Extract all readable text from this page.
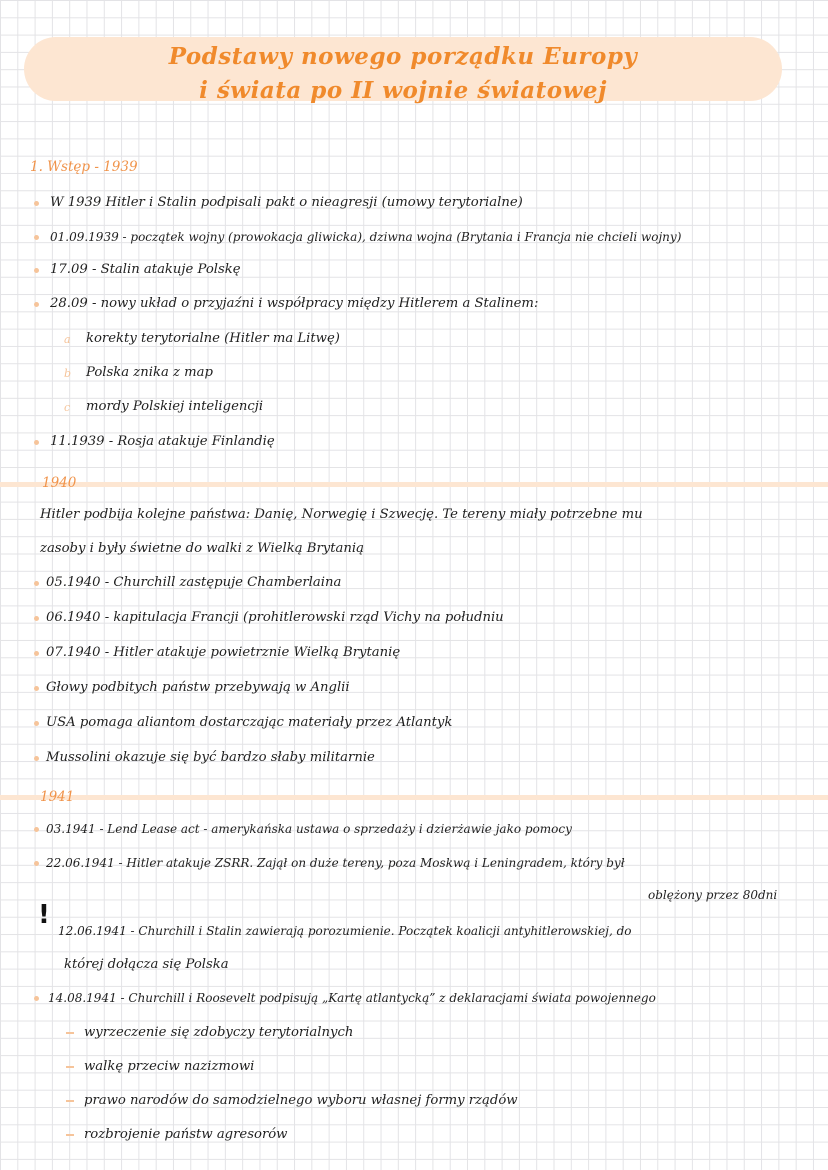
Podstawy nowego porządku Europy
i świata po II wojnie światowej
1. Wstęp - 1939
W 1939 Hitler i Stalin podpisali pakt o nieagresji (umowy terytorialne)
01.09.1939 - początek wojny (prowokacja gliwicka), dziwna wojna (Brytania i Francja nie chcieli wojny)
17.09 - Stalin atakuje Polskę
28.09 - nowy układ o przyjaźni i współpracy między Hitlerem a Stalinem:
a korekty terytorialne (Hitler ma Litwę)
b Polska znika z map
c mordy Polskiej inteligencji
11.1939 - Rosja atakuje Finlandię
1940
Hitler podbija kolejne państwa: Danię, Norwegię i Szwecję. Te tereny miały potrzebne mu
zasoby i były świetne do walki z Wielką Brytanią
05.1940 - Churchill zastępuje Chamberlaina
06.1940 - kapitulacja Francji (prohitlerowski rząd Vichy na południu
07.1940 - Hitler atakuje powietrznie Wielką Brytanię
Głowy podbitych państw przebywają w Anglii
USA pomaga aliantom dostarczając materiały przez Atlantyk
Mussolini okazuje się być bardzo słaby militarnie
1941
03.1941 - Lend Lease act - amerykańska ustawa o sprzedaży i dzierżawie jako pomocy
22.06.1941 - Hitler atakuje ZSRR. Zajął on duże tereny, poza Moskwą i Leningradem, który był
oblężony przez 80dni
!
12.06.1941 - Churchill i Stalin zawierają porozumienie. Początek koalicji antyhitlerowskiej, do
której dołącza się Polska
14.08.1941 - Churchill i Roosevelt podpisują „Kartę atlantycką” z deklaracjami świata powojennego
wyrzeczenie się zdobyczy terytorialnych
walkę przeciw nazizmowi
prawo narodów do samodzielnego wyboru własnej formy rządów
rozbrojenie państw agresorów
